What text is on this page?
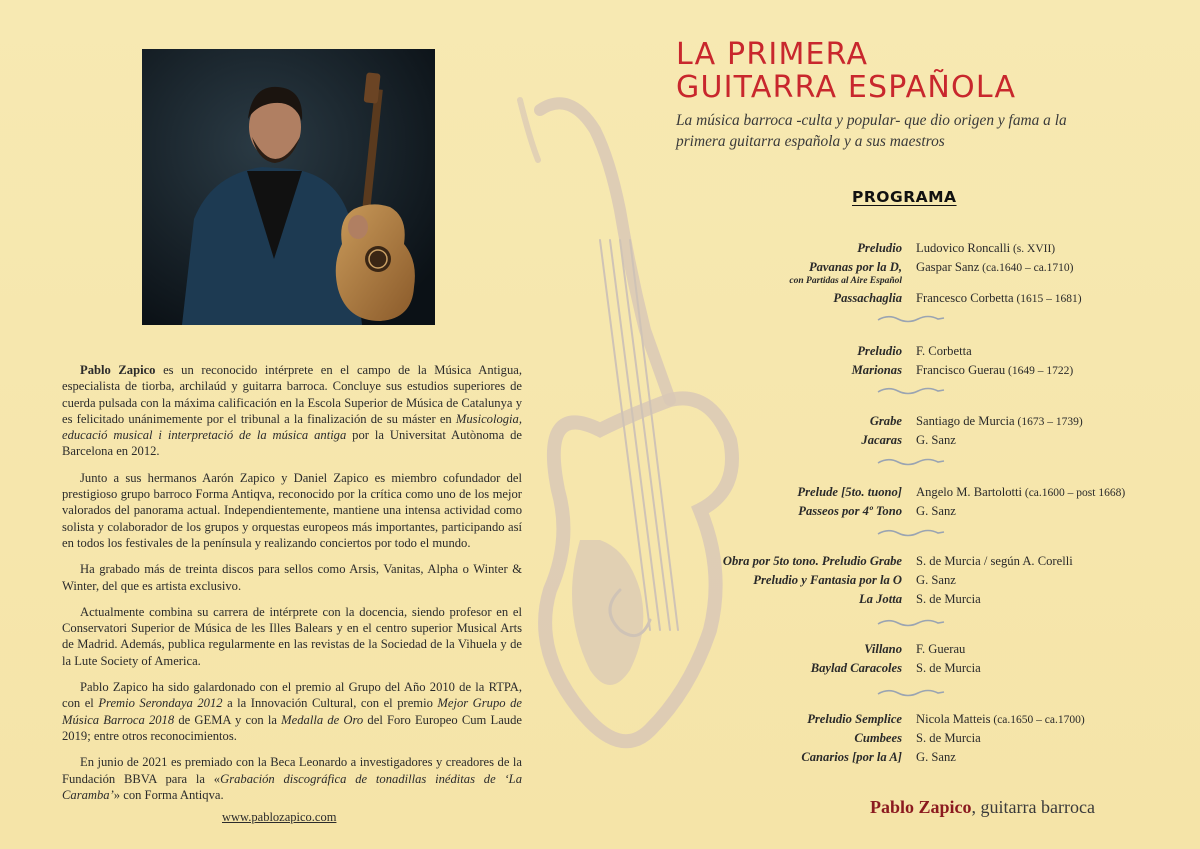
Pablo Zapico es un reconocido intérprete en el campo de la Música Antigua, especialista de tiorba, archilaúd y guitarra barroca. Concluye sus estudios superiores de cuerda pulsada con la máxima calificación en la Escola Superior de Música de Catalunya y es felicitado unánimemente por el tribunal a la finalización de su máster en Musicologia, educació musical i interpretació de la música antiga por la Universitat Autònoma de Barcelona en 2012.

Junto a sus hermanos Aarón Zapico y Daniel Zapico es miembro cofundador del prestigioso grupo barroco Forma Antiqva, reconocido por la crítica como uno de los mejor valorados del panorama actual. Independientemente, mantiene una intensa actividad como solista y colaborador de los grupos y orquestas europeos más importantes, participando así en todos los festivales de la península y realizando conciertos por todo el mundo.

Ha grabado más de treinta discos para sellos como Arsis, Vanitas, Alpha o Winter & Winter, del que es artista exclusivo.

Actualmente combina su carrera de intérprete con la docencia, siendo profesor en el Conservatori Superior de Música de les Illes Balears y en el centro superior Musical Arts de Madrid. Además, publica regularmente en las revistas de la Sociedad de la Vihuela y de la Lute Society of America.

Pablo Zapico ha sido galardonado con el premio al Grupo del Año 2010 de la RTPA, con el Premio Serondaya 2012 a la Innovación Cultural, con el premio Mejor Grupo de Música Barroca 2018 de GEMA y con la Medalla de Oro del Foro Europeo Cum Laude 2019; entre otros reconocimientos.

En junio de 2021 es premiado con la Beca Leonardo a investigadores y creadores de la Fundación BBVA para la «Grabación discográfica de tonadillas inéditas de ‘La Caramba’» con Forma Antiqva.

www.pablozapico.com
LA PRIMERA
GUITARRA ESPAÑOLA
La música barroca -culta y popular- que dio origen y fama a la primera guitarra española y a sus maestros
PROGRAMA
Preludio	Ludovico Roncalli (s. XVII)
Pavanas por la D,	Gaspar Sanz (ca.1640 – ca.1710)
con Partidas al Aire Español
Passachaglia	Francesco Corbetta (1615 – 1681)
Preludio	F. Corbetta
Marionas	Francisco Guerau (1649 – 1722)
Grabe	Santiago de Murcia (1673 – 1739)
Jacaras	G. Sanz
Prelude [5to. tuono]	Angelo M. Bartolotti (ca.1600 – post 1668)
Passeos por 4º Tono	G. Sanz
Obra por 5to tono. Preludio Grabe	S. de Murcia / según A. Corelli
Preludio y Fantasia por la O	G. Sanz
La Jotta	S. de Murcia
Villano	F. Guerau
Baylad Caracoles	S. de Murcia
Preludio Semplice	Nicola Matteis (ca.1650 – ca.1700)
Cumbees	S. de Murcia
Canarios [por la A]	G. Sanz
Pablo Zapico, guitarra barroca
